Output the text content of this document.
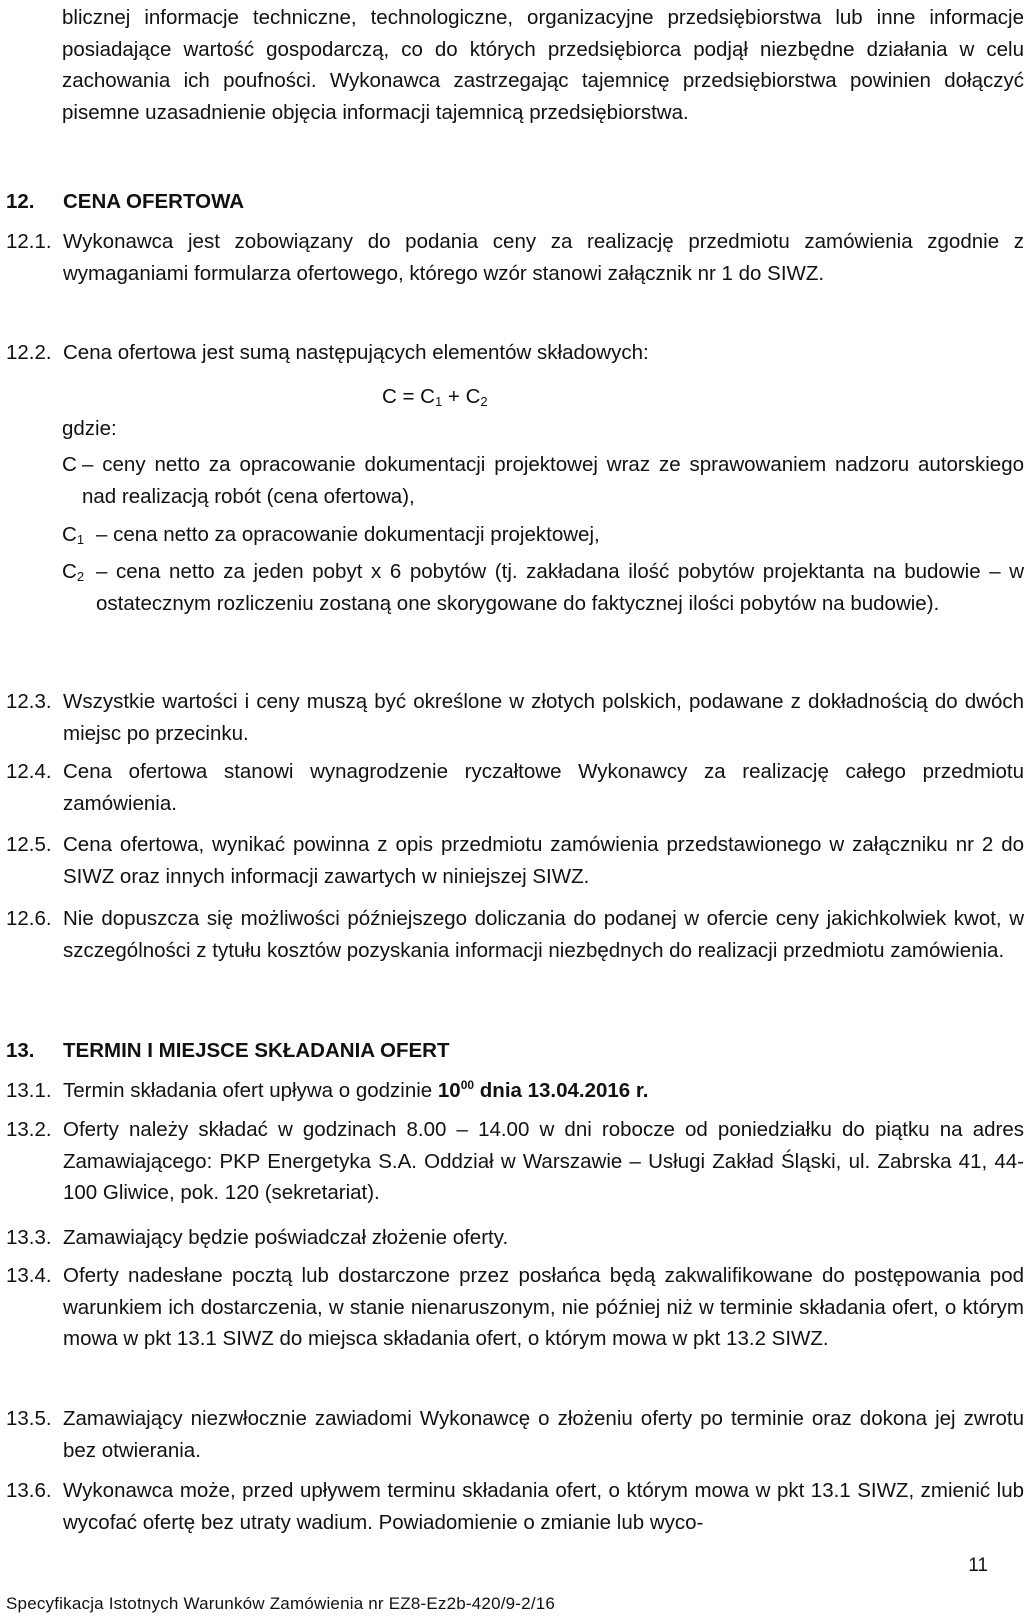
blicznej informacje techniczne, technologiczne, organizacyjne przedsiębiorstwa lub inne informacje posiadające wartość gospodarczą, co do których przedsiębiorca podjął niezbędne działania w celu zachowania ich poufności. Wykonawca zastrzegając tajemnicę przedsiębiorstwa powinien dołączyć pisemne uzasadnienie objęcia informacji tajemnicą przedsiębiorstwa.
12. CENA OFERTOWA
12.1. Wykonawca jest zobowiązany do podania ceny za realizację przedmiotu zamówienia zgodnie z wymaganiami formularza ofertowego, którego wzór stanowi załącznik nr 1 do SIWZ.
12.2. Cena ofertowa jest sumą następujących elementów składowych:
$C = C_1 + C_2$
gdzie:
C – ceny netto za opracowanie dokumentacji projektowej wraz ze sprawowaniem nadzoru autorskiego nad realizacją robót (cena ofertowa),
$C_1$ – cena netto za opracowanie dokumentacji projektowej,
$C_2$ – cena netto za jeden pobyt x 6 pobytów (tj. zakładana ilość pobytów projektanta na budowie – w ostatecznym rozliczeniu zostaną one skorygowane do faktycznej ilości pobytów na budowie).
12.3. Wszystkie wartości i ceny muszą być określone w złotych polskich, podawane z dokładnością do dwóch miejsc po przecinku.
12.4. Cena ofertowa stanowi wynagrodzenie ryczałtowe Wykonawcy za realizację całego przedmiotu zamówienia.
12.5. Cena ofertowa, wynikać powinna z opis przedmiotu zamówienia przedstawionego w załączniku nr 2 do SIWZ oraz innych informacji zawartych w niniejszej SIWZ.
12.6. Nie dopuszcza się możliwości późniejszego doliczania do podanej w ofercie ceny jakichkolwiek kwot, w szczególności z tytułu kosztów pozyskania informacji niezbędnych do realizacji przedmiotu zamówienia.
13. TERMIN I MIEJSCE SKŁADANIA OFERT
13.1. Termin składania ofert upływa o godzinie $10^{00}$ dnia 13.04.2016 r.
13.2. Oferty należy składać w godzinach 8.00 – 14.00 w dni robocze od poniedziałku do piątku na adres Zamawiającego: PKP Energetyka S.A. Oddział w Warszawie – Usługi Zakład Śląski, ul. Zabrska 41, 44-100 Gliwice, pok. 120 (sekretariat).
13.3. Zamawiający będzie poświadczał złożenie oferty.
13.4. Oferty nadesłane pocztą lub dostarczone przez posłańca będą zakwalifikowane do postępowania pod warunkiem ich dostarczenia, w stanie nienaruszonym, nie później niż w terminie składania ofert, o którym mowa w pkt 13.1 SIWZ do miejsca składania ofert, o którym mowa w pkt 13.2 SIWZ.
13.5. Zamawiający niezwłocznie zawiadomi Wykonawcę o złożeniu oferty po terminie oraz dokona jej zwrotu bez otwierania.
13.6. Wykonawca może, przed upływem terminu składania ofert, o którym mowa w pkt 13.1 SIWZ, zmienić lub wycofać ofertę bez utraty wadium. Powiadomienie o zmianie lub wyco-
11
Specyfikacja Istotnych Warunków Zamówienia nr EZ8-Ez2b-420/9-2/16
